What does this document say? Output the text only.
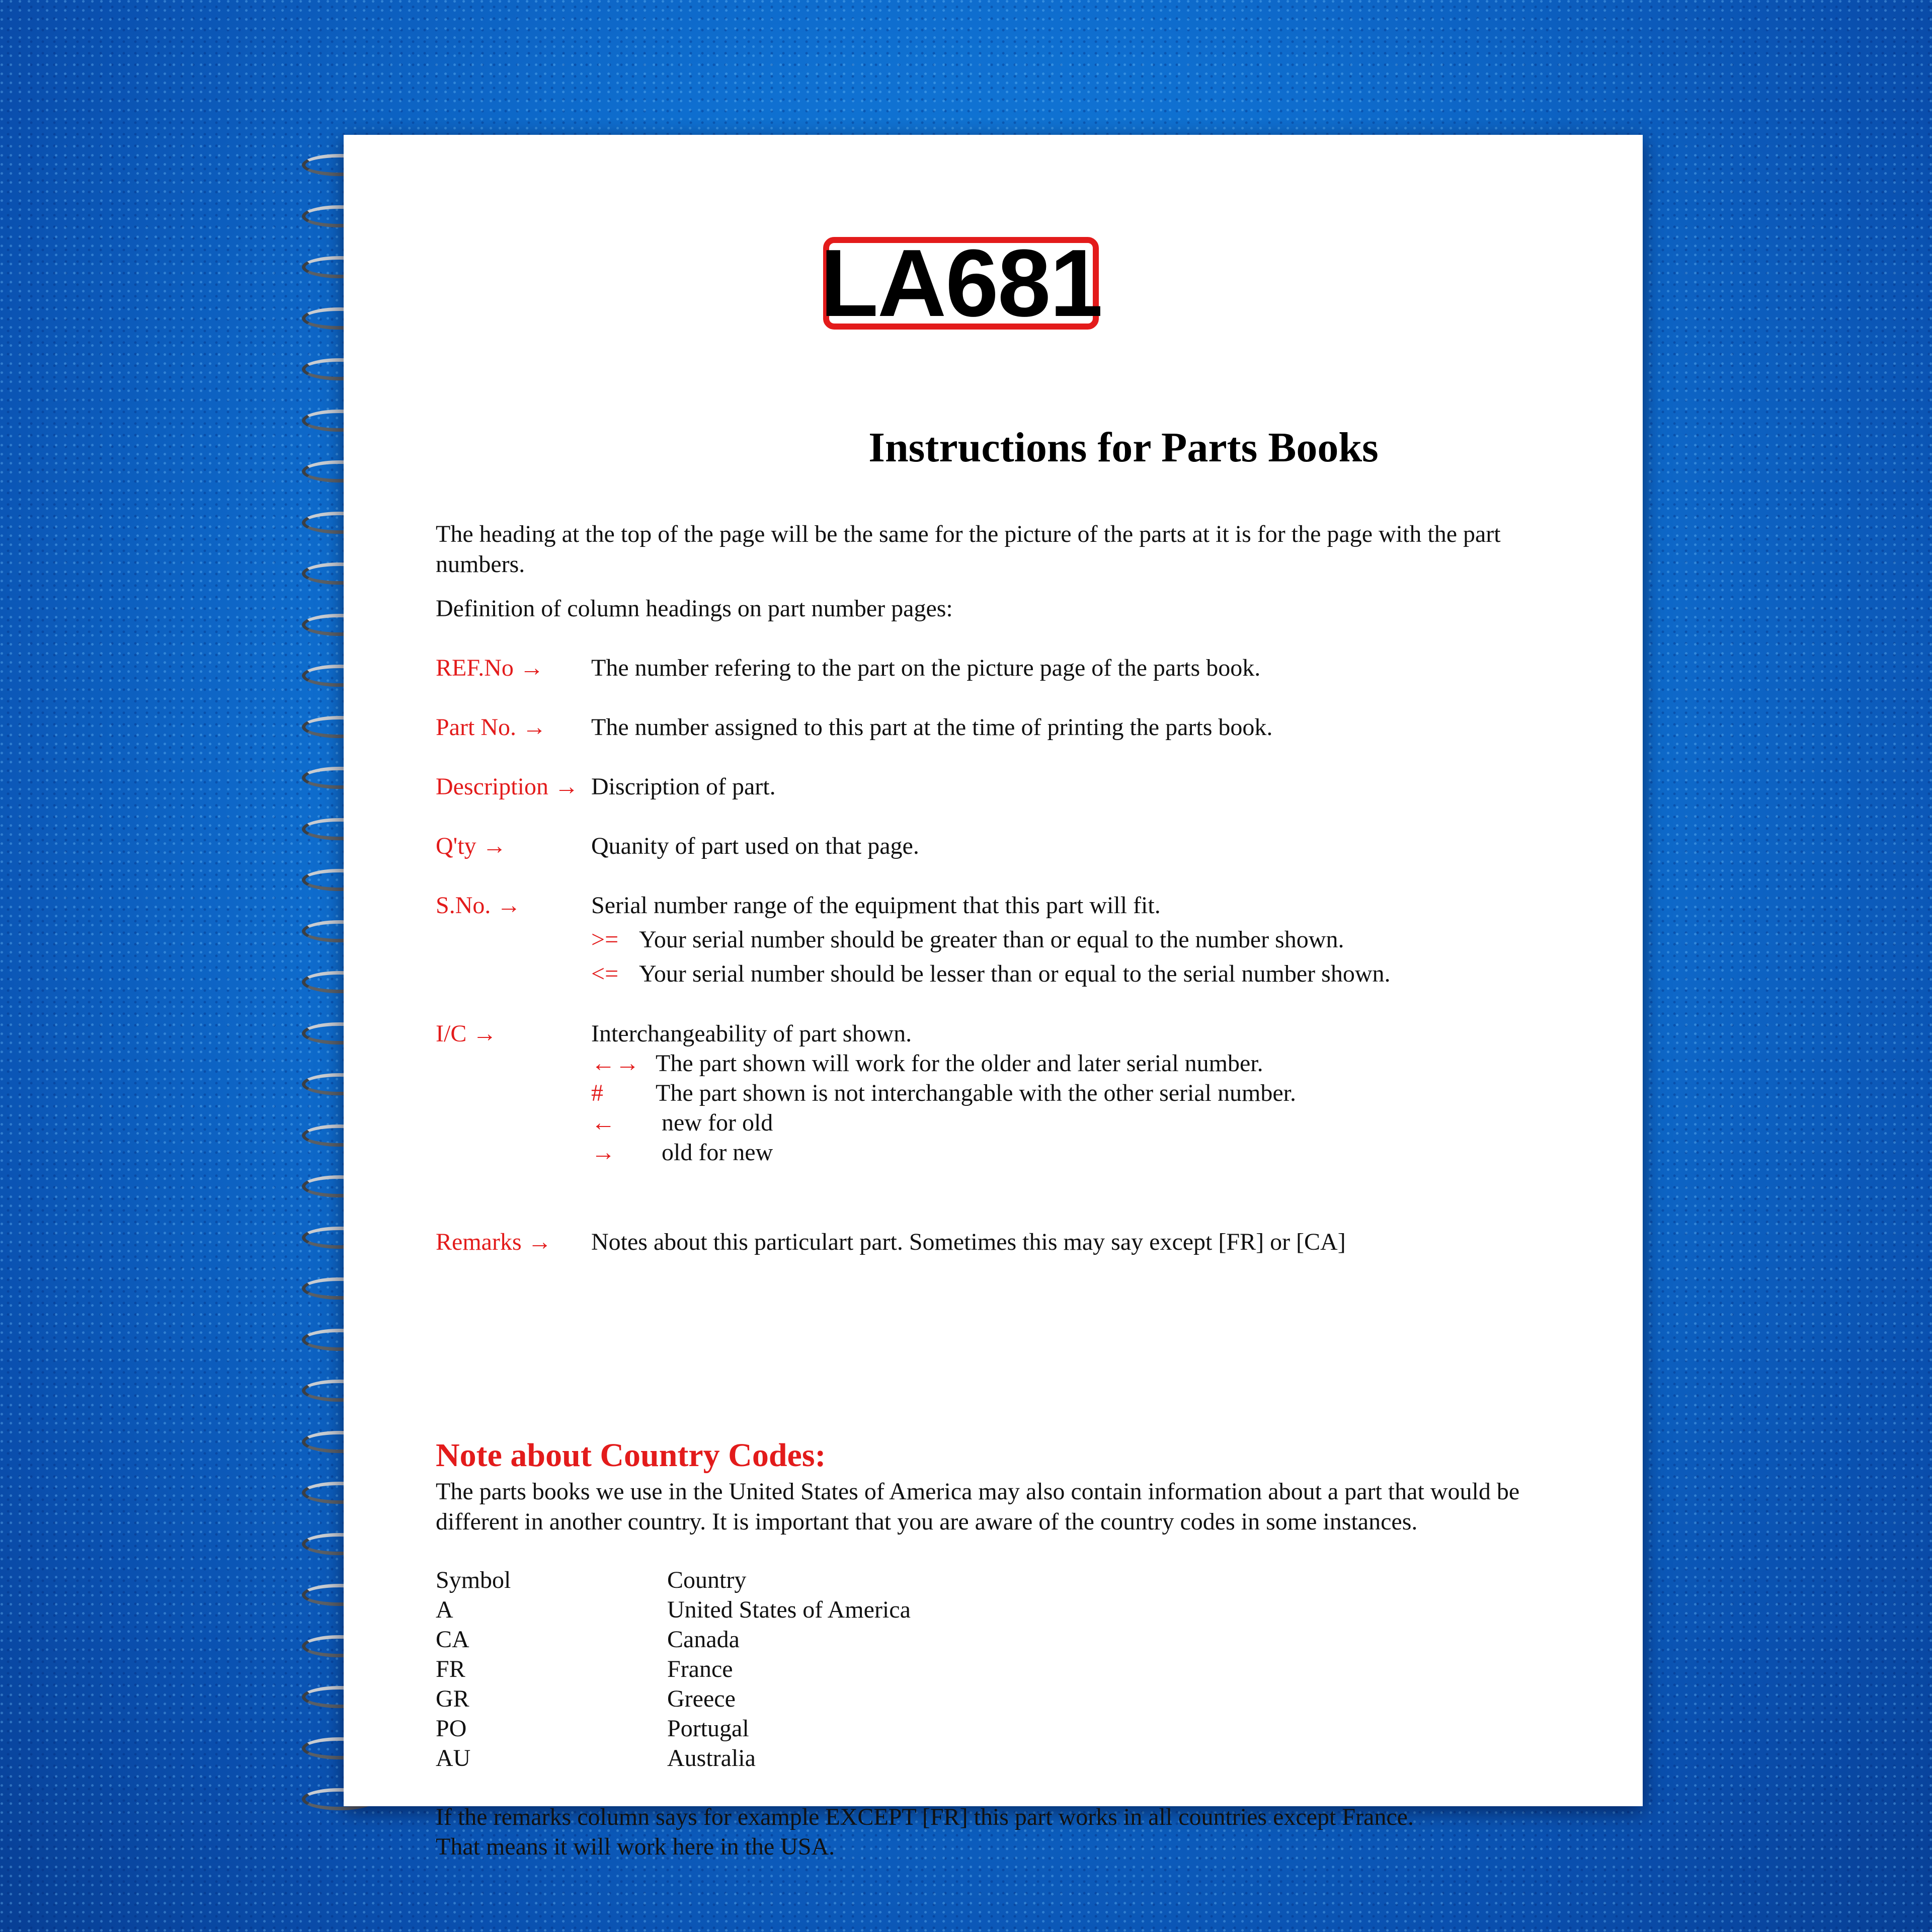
LA681
Instructions for Parts Books

The heading at the top of the page will be the same for the picture of the parts at it is for the page with the part numbers.

Definition of column headings on part number pages:

REF.No → The number refering to the part on the picture page of the parts book.
Part No. → The number assigned to this part at the time of printing the parts book.
Description → Discription of part.
Q'ty →	Quanity of part used on that page.
S.No. →	Serial number range of the equipment that this part will fit.
>= Your serial number should be greater than or equal to the number shown.
<= Your serial number should be lesser than or equal to the serial number shown.
I/C →	Interchangeability of part shown.
←→ The part shown will work for the older and later serial number.
# The part shown is not interchangable with the other serial number.
← new for old
→ old for new
Remarks → Notes about this particulart part. Sometimes this may say except [FR] or [CA]
Note about Country Codes:

The parts books we use in the United States of America may also contain information about a part that would be different in another country. It is important that you are aware of the country codes in some instances.

Symbol	Country
A	United States of America
CA	Canada
FR	France
GR	Greece
PO	Portugal
AU	Australia

If the remarks column says for example EXCEPT [FR] this part works in all countries except France.

That means it will work here in the USA.
